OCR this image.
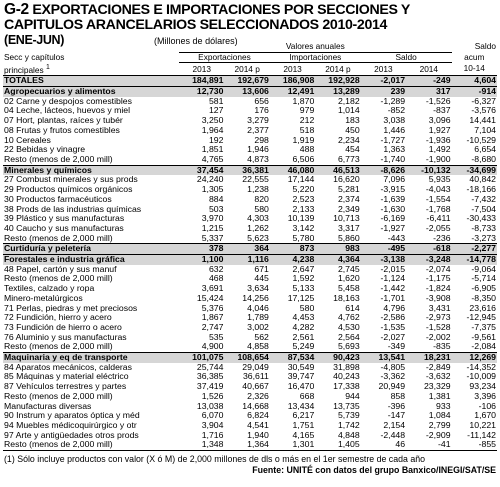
G-2 EXPORTACIONES E IMPORTACIONES POR SECCIONES Y
CAPITULOS ARANCELARIOS SELECCIONADOS 2010-2014
(ENE-JUN)	(Millones de dólares)
		Valores anuales						Saldo
Secc y capítulos	Exportaciones		Importaciones		Saldo		acum
principales $^1$	2013	2014 p	2013	2014 p	2013	2014	10-14
TOTALES	184,891	192,679	186,908	192,928	-2,017	-249	4,604
Agropecuarios y alimentos	12,730	13,606	12,491	13,289	239	317	-914
02 Carne y despojos comestibles	581	656	1,870	2,182	-1,289	-1,526	-6,327
04 Leche, lácteos, huevos y miel	127	176	979	1,014	-852	-837	-3,576
07 Hort, plantas, raíces y tubér	3,250	3,279	212	183	3,038	3,096	14,441
08 Frutas y frutos comestibles	1,964	2,377	518	450	1,446	1,927	7,104
10 Cereales	192	298	1,919	2,234	-1,727	-1,936	-10,529
22 Bebidas y vinagre	1,851	1,946	488	454	1,363	1,492	6,654
Resto (menos de 2,000 mill)	4,765	4,873	6,506	6,773	-1,740	-1,900	-8,680
Minerales y químicos	37,454	36,381	46,080	46,513	-8,626	-10,132	-34,699
27 Combust minerales y sus prods	24,240	22,555	17,144	16,620	7,096	5,935	40,842
29 Productos químicos orgánicos	1,305	1,238	5,220	5,281	-3,915	-4,043	-18,166
30 Productos farmacéuticos	884	820	2,523	2,374	-1,639	-1,554	-7,432
38 Prods de las industrias químicas	503	580	2,133	2,349	-1,630	-1,768	-7,504
39 Plástico y sus manufacturas	3,970	4,303	10,139	10,713	-6,169	-6,411	-30,433
40 Caucho y sus manufacturas	1,215	1,262	3,142	3,317	-1,927	-2,055	-8,733
Resto (menos de 2,000 mill)	5,337	5,623	5,780	5,860	-443	-236	-3,273
Curtiduría y peletería	378	364	873	983	-495	-618	-2,277
Forestales e industria gráfica	1,100	1,116	4,238	4,364	-3,138	-3,248	-14,778
48 Papel, cartón y sus manuf	632	671	2,647	2,745	-2,015	-2,074	-9,064
Resto (menos de 2,000 mill)	468	445	1,592	1,620	-1,124	-1,175	-5,714
Textiles, calzado y ropa	3,691	3,634	5,133	5,458	-1,442	-1,824	-6,905
Minero-metalúrgicos	15,424	14,256	17,125	18,163	-1,701	-3,908	-8,350
71 Perlas, piedras y met preciosos	5,376	4,046	580	614	4,796	3,431	23,616
72 Fundición, hierro y acero	1,867	1,789	4,453	4,762	-2,586	-2,973	-12,945
73 Fundición de hierro o acero	2,747	3,002	4,282	4,530	-1,535	-1,528	-7,375
76 Aluminio y sus manufacturas	535	562	2,561	2,564	-2,027	-2,002	-9,561
Resto (menos de 2,000 mill)	4,900	4,858	5,249	5,693	-349	-835	-2,084
Maquinaria y eq de transporte	101,075	108,654	87,534	90,423	13,541	18,231	12,269
84 Aparatos mecánicos, calderas	25,744	29,049	30,549	31,898	-4,805	-2,849	-14,352
85 Máquinas y material eléctrico	36,385	36,611	39,747	40,243	-3,362	-3,632	-10,009
87 Vehículos terrestres y partes	37,419	40,667	16,470	17,338	20,949	23,329	93,234
Resto (menos de 2,000 mill)	1,526	2,326	668	944	858	1,381	3,396
Manufacturas diversas	13,038	14,668	13,434	13,735	-396	933	-106
90 Instrum y aparatos óptica y méd	6,070	6,824	6,217	5,739	-147	1,084	1,670
94 Muebles médicoquirúrgico y otr	3,904	4,541	1,751	1,742	2,154	2,799	10,221
97 Arte y antigüedades otros prods	1,716	1,940	4,165	4,848	-2,448	-2,909	-11,142
Resto (menos de 2,000 mill)	1,348	1,364	1,301	1,405	46	-41	-855
(1) Sólo incluye productos con valor (X ó M) de 2,000 millones de dls o más en el 1er semestre de cada año
Fuente: UNITÉ con datos del grupo Banxico/INEGI/SAT/SE
